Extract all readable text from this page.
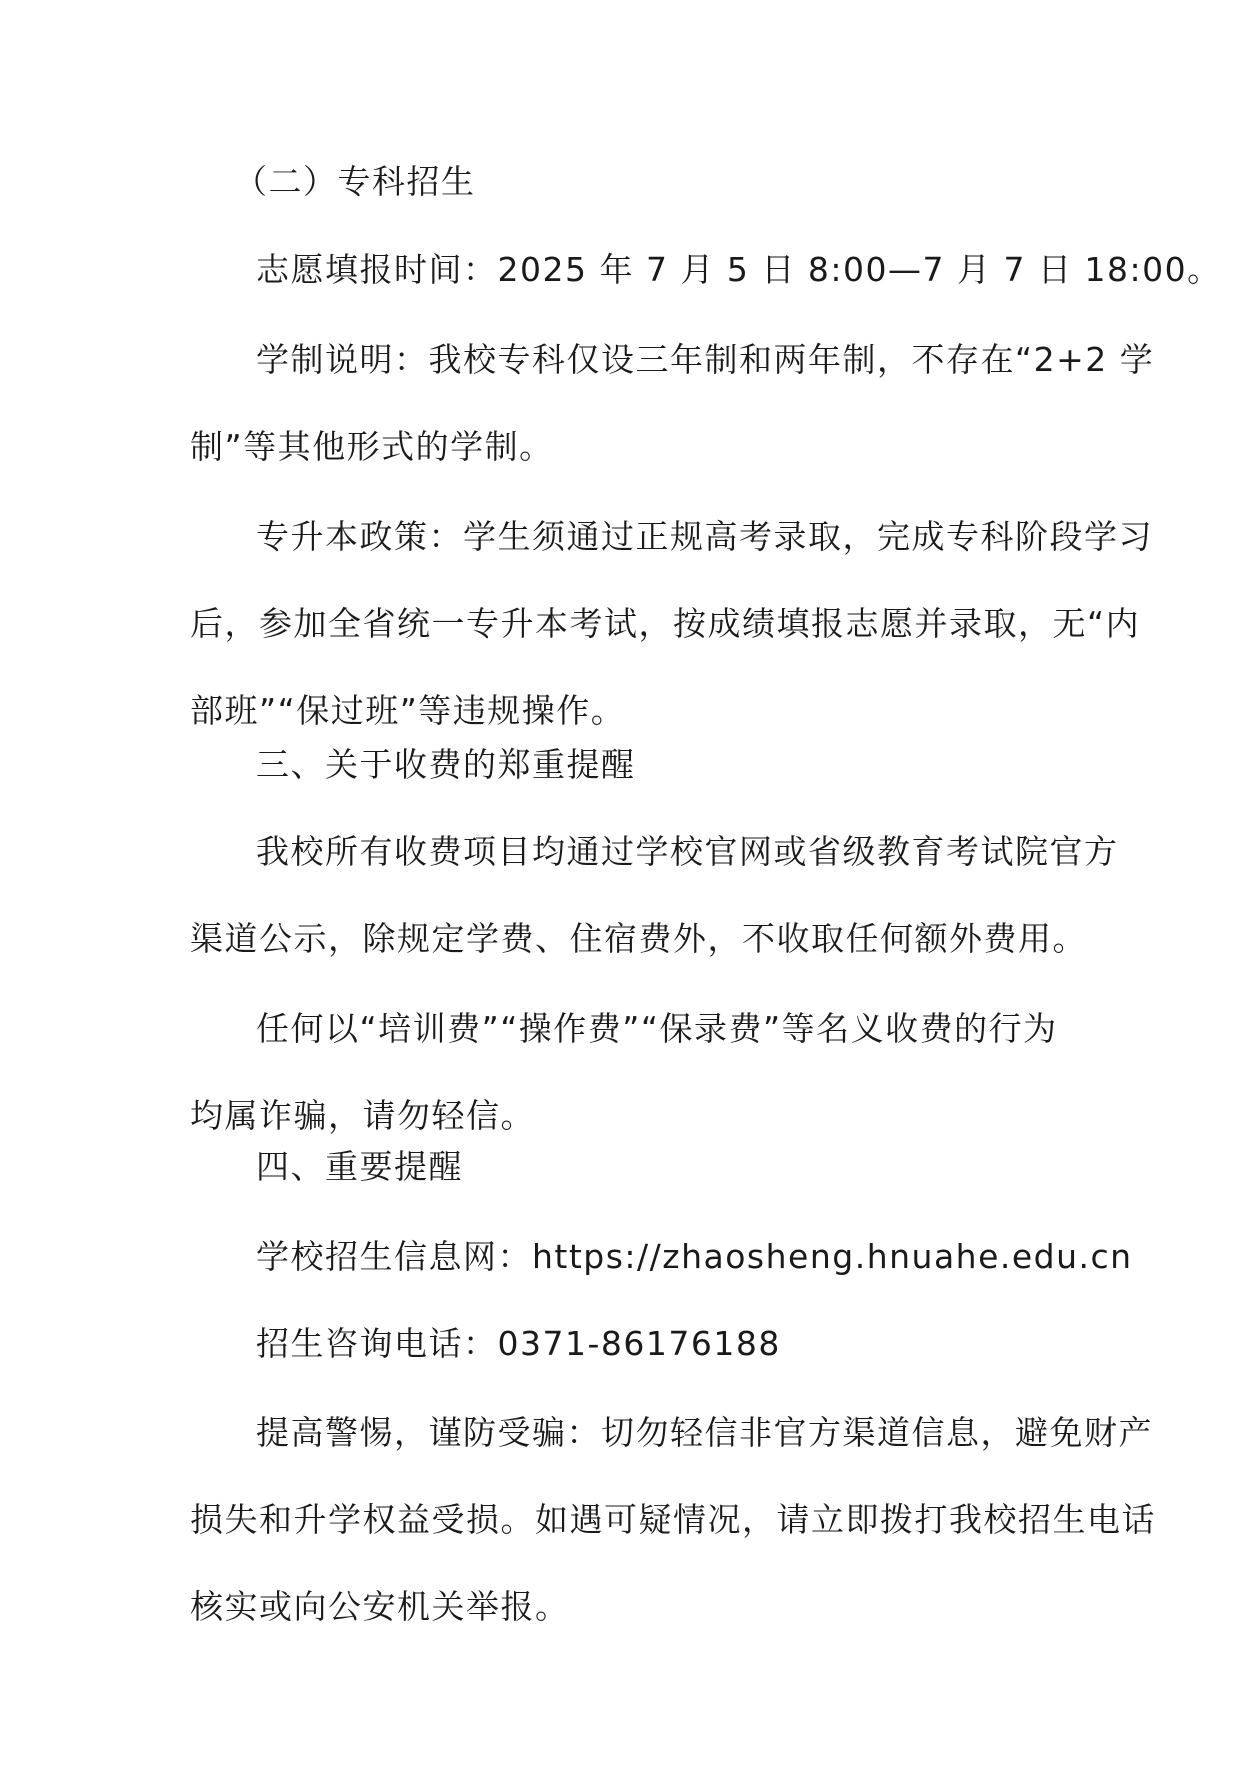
（二）专科招生

志愿填报时间：2025 年 7 月 5 日 8:00—7 月 7 日 18:00。

学制说明：我校专科仅设三年制和两年制，不存在“2+2 学
制”等其他形式的学制。

专升本政策：学生须通过正规高考录取，完成专科阶段学习
后，参加全省统一专升本考试，按成绩填报志愿并录取，无“内
部班”“保过班”等违规操作。

三、关于收费的郑重提醒

我校所有收费项目均通过学校官网或省级教育考试院官方
渠道公示，除规定学费、住宿费外，不收取任何额外费用。

任何以“培训费”“操作费”“保录费”等名义收费的行为
均属诈骗，请勿轻信。

四、重要提醒

学校招生信息网：https://zhaosheng.hnuahe.edu.cn

招生咨询电话：0371-86176188

提高警惕，谨防受骗：切勿轻信非官方渠道信息，避免财产
损失和升学权益受损。如遇可疑情况，请立即拨打我校招生电话
核实或向公安机关举报。
